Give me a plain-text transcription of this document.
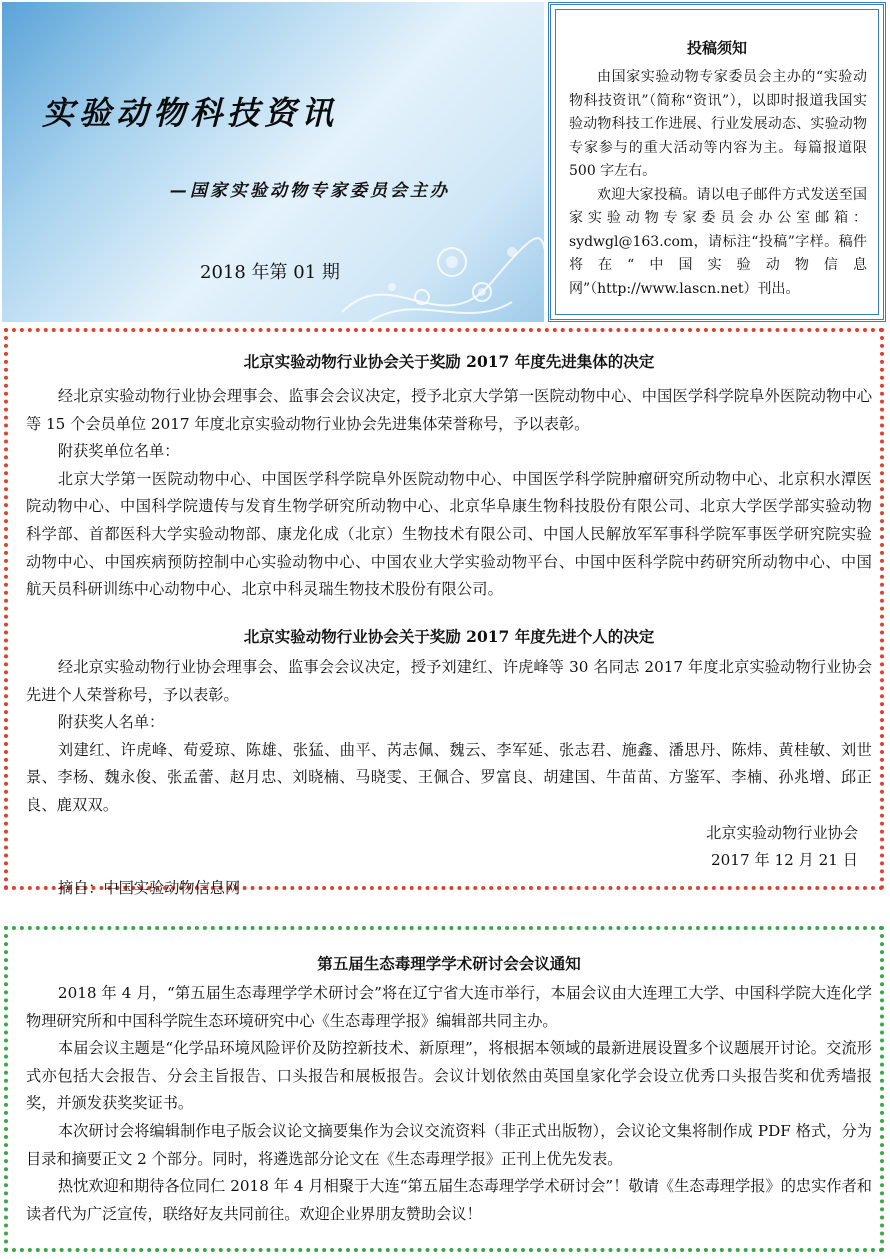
实验动物科技资讯
—国家实验动物专家委员会主办
2018 年第 01 期
投稿须知

由国家实验动物专家委员会主办的“实验动物科技资讯”（简称“资讯”），以即时报道我国实验动物科技工作进展、行业发展动态、实验动物专家参与的重大活动等内容为主。每篇报道限 500 字左右。

欢迎大家投稿。请以电子邮件方式发送至国家实验动物专家委员会办公室邮箱：sydwgl@163.com，请标注“投稿”字样。稿件将在“中国实验动物信息网”（http://www.lascn.net）刊出。

北京实验动物行业协会关于奖励 2017 年度先进集体的决定

经北京实验动物行业协会理事会、监事会会议决定，授予北京大学第一医院动物中心、中国医学科学院阜外医院动物中心等 15 个会员单位 2017 年度北京实验动物行业协会先进集体荣誉称号，予以表彰。

附获奖单位名单：

北京大学第一医院动物中心、中国医学科学院阜外医院动物中心、中国医学科学院肿瘤研究所动物中心、北京积水潭医院动物中心、中国科学院遗传与发育生物学研究所动物中心、北京华阜康生物科技股份有限公司、北京大学医学部实验动物科学部、首都医科大学实验动物部、康龙化成（北京）生物技术有限公司、中国人民解放军军事科学院军事医学研究院实验动物中心、中国疾病预防控制中心实验动物中心、中国农业大学实验动物平台、中国中医科学院中药研究所动物中心、中国航天员科研训练中心动物中心、北京中科灵瑞生物技术股份有限公司。

北京实验动物行业协会关于奖励 2017 年度先进个人的决定

经北京实验动物行业协会理事会、监事会会议决定，授予刘建红、许虎峰等 30 名同志 2017 年度北京实验动物行业协会先进个人荣誉称号，予以表彰。

附获奖人名单：

刘建红、许虎峰、荀爱琼、陈雄、张猛、曲平、芮志佩、魏云、李军延、张志君、施鑫、潘思丹、陈炜、黄桂敏、刘世景、李杨、魏永俊、张孟蕾、赵月忠、刘晓楠、马晓雯、王佩合、罗富良、胡建国、牛苗苗、方鉴军、李楠、孙兆增、邱正良、鹿双双。

北京实验动物行业协会

2017 年 12 月 21 日

摘自：中国实验动物信息网

第五届生态毒理学学术研讨会会议通知

2018 年 4 月，“第五届生态毒理学学术研讨会”将在辽宁省大连市举行，本届会议由大连理工大学、中国科学院大连化学物理研究所和中国科学院生态环境研究中心《生态毒理学报》编辑部共同主办。

本届会议主题是“化学品环境风险评价及防控新技术、新原理”，将根据本领域的最新进展设置多个议题展开讨论。交流形式亦包括大会报告、分会主旨报告、口头报告和展板报告。会议计划依然由英国皇家化学会设立优秀口头报告奖和优秀墙报奖，并颁发获奖奖证书。

本次研讨会将编辑制作电子版会议论文摘要集作为会议交流资料（非正式出版物），会议论文集将制作成 PDF 格式，分为目录和摘要正文 2 个部分。同时，将遴选部分论文在《生态毒理学报》正刊上优先发表。

热忱欢迎和期待各位同仁 2018 年 4 月相聚于大连“第五届生态毒理学学术研讨会”！敬请《生态毒理学报》的忠实作者和读者代为广泛宣传，联络好友共同前往。欢迎企业界朋友赞助会议！
